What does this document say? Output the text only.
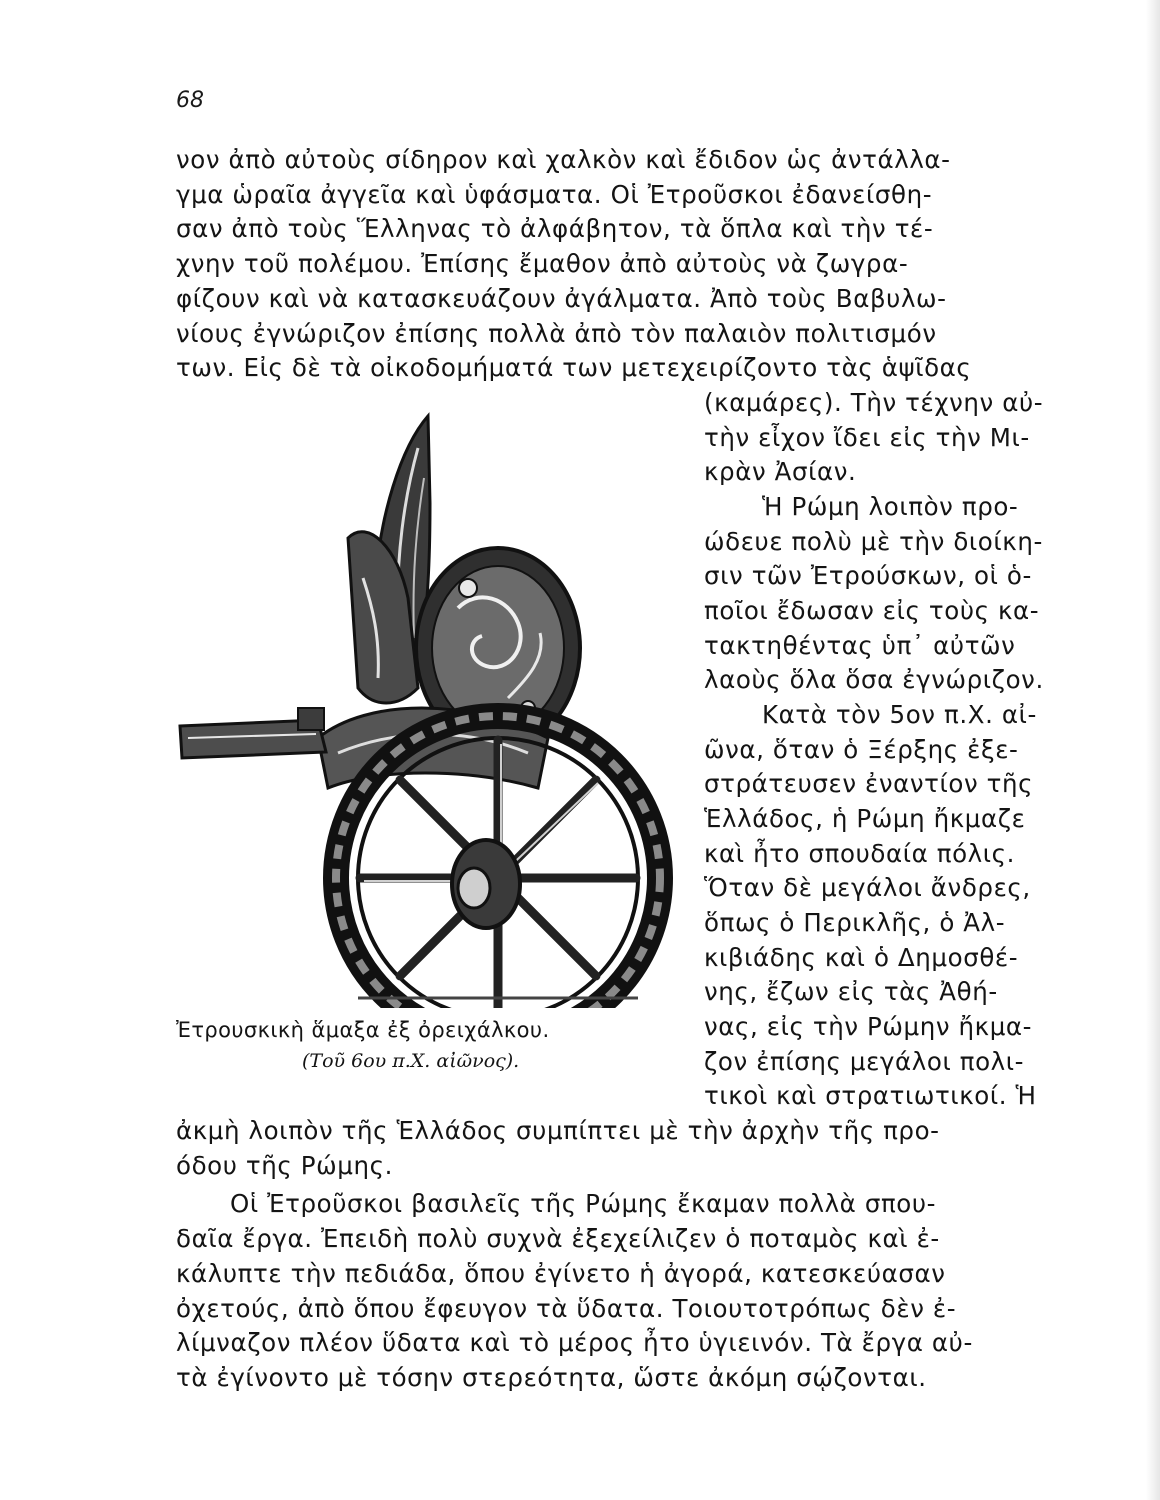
68

νον ἀπὸ αὐτοὺς σίδηρον καὶ χαλκὸν καὶ ἔδιδον ὡς ἀντάλλα-

γμα ὡραῖα ἀγγεῖα καὶ ὑφάσματα. Οἱ Ἐτροῦσκοι ἐδανείσθη-

σαν ἀπὸ τοὺς Ἕλληνας τὸ ἀλφάβητον, τὰ ὅπλα καὶ τὴν τέ-

χνην τοῦ πολέμου. Ἐπίσης ἔμαθον ἀπὸ αὐτοὺς νὰ ζωγρα-

φίζουν καὶ νὰ κατασκευάζουν ἀγάλματα. Ἀπὸ τοὺς Βαβυλω-

νίους ἐγνώριζον ἐπίσης πολλὰ ἀπὸ τὸν παλαιὸν πολιτισμόν

των. Εἰς δὲ τὰ οἰκοδομήματά των μετεχειρίζοντο τὰς ἁψῖδας

(καμάρες). Τὴν τέχνην αὐ-

τὴν εἶχον ἴδει εἰς τὴν Μι-

κρὰν Ἀσίαν.

Ἡ Ρώμη λοιπὸν προ-

ώδευε πολὺ μὲ τὴν διοίκη-

σιν τῶν Ἐτρούσκων, οἱ ὁ-

ποῖοι ἔδωσαν εἰς τοὺς κα-

τακτηθέντας ὑπ᾽ αὐτῶν

λαοὺς ὅλα ὅσα ἐγνώριζον.

Κατὰ τὸν 5ον π.Χ. αἰ-

ῶνα, ὅταν ὁ Ξέρξης ἐξε-

στράτευσεν ἐναντίον τῆς

Ἑλλάδος, ἡ Ρώμη ἤκμαζε

καὶ ἦτο σπουδαία πόλις.

Ὅταν δὲ μεγάλοι ἄνδρες,

ὅπως ὁ Περικλῆς, ὁ Ἀλ-

κιβιάδης καὶ ὁ Δημοσθέ-

νης, ἔζων εἰς τὰς Ἀθή-

νας, εἰς τὴν Ρώμην ἤκμα-

ζον ἐπίσης μεγάλοι πολι-

τικοὶ καὶ στρατιωτικοί. Ἡ

ἀκμὴ λοιπὸν τῆς Ἑλλάδος συμπίπτει μὲ τὴν ἀρχὴν τῆς προ-

όδου τῆς Ρώμης.

Οἱ Ἐτροῦσκοι βασιλεῖς τῆς Ρώμης ἔκαμαν πολλὰ σπου-

δαῖα ἔργα. Ἐπειδὴ πολὺ συχνὰ ἐξεχείλιζεν ὁ ποταμὸς καὶ ἐ-

κάλυπτε τὴν πεδιάδα, ὅπου ἐγίνετο ἡ ἀγορά, κατεσκεύασαν

ὀχετούς, ἀπὸ ὅπου ἔφευγον τὰ ὕδατα. Τοιουτοτρόπως δὲν ἐ-

λίμναζον πλέον ὕδατα καὶ τὸ μέρος ἦτο ὑγιεινόν. Τὰ ἔργα αὐ-

τὰ ἐγίνοντο μὲ τόσην στερεότητα, ὥστε ἀκόμη σῴζονται.

Ἐτρουσκικὴ ἅμαξα ἐξ ὀρειχάλκου.

(Τοῦ 6ου π.Χ. αἰῶνος).
